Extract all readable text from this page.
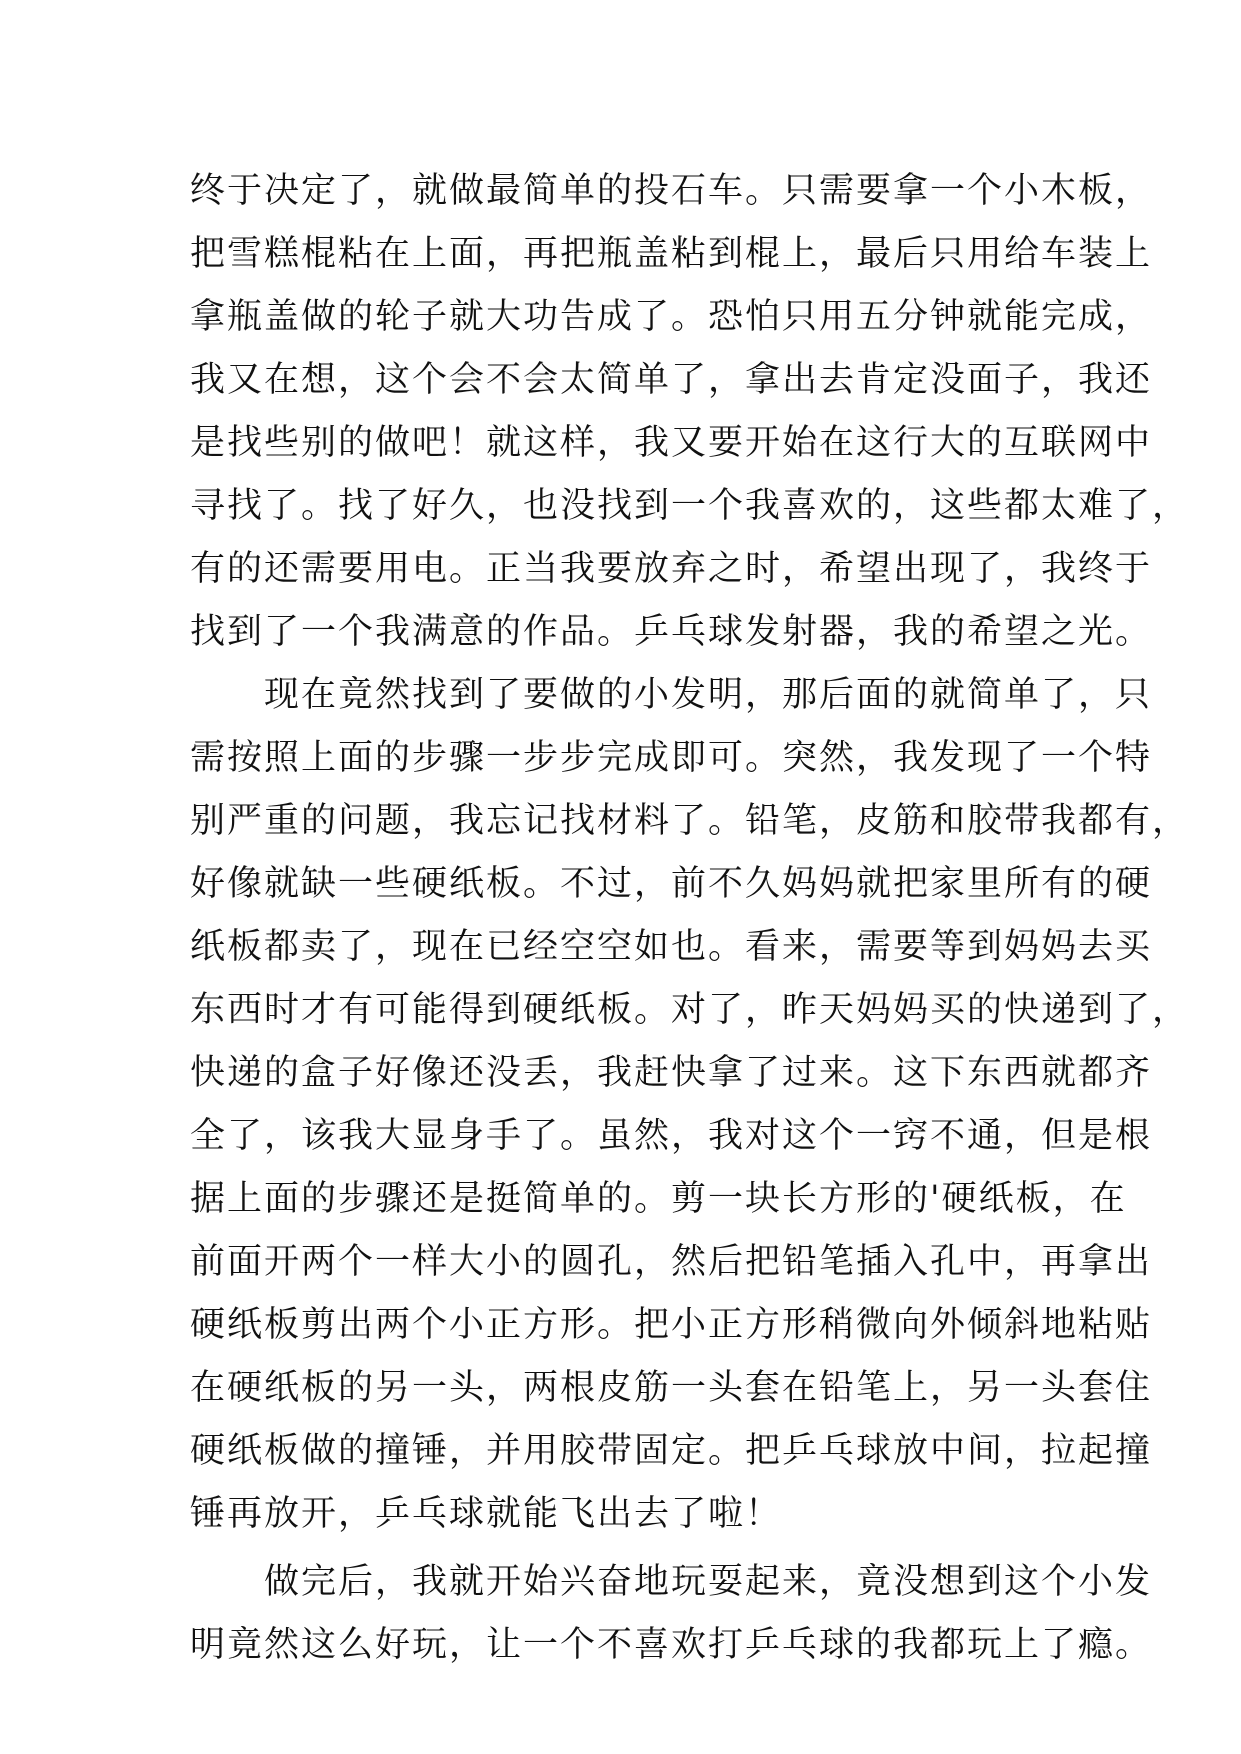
终于决定了，就做最简单的投石车。只需要拿一个小木板，
把雪糕棍粘在上面，再把瓶盖粘到棍上，最后只用给车装上
拿瓶盖做的轮子就大功告成了。恐怕只用五分钟就能完成，
我又在想，这个会不会太简单了，拿出去肯定没面子，我还
是找些别的做吧！就这样，我又要开始在这行大的互联网中
寻找了。找了好久，也没找到一个我喜欢的，这些都太难了，
有的还需要用电。正当我要放弃之时，希望出现了，我终于
找到了一个我满意的作品。乒乓球发射器，我的希望之光。
　　现在竟然找到了要做的小发明，那后面的就简单了，只
需按照上面的步骤一步步完成即可。突然，我发现了一个特
别严重的问题，我忘记找材料了。铅笔，皮筋和胶带我都有，
好像就缺一些硬纸板。不过，前不久妈妈就把家里所有的硬
纸板都卖了，现在已经空空如也。看来，需要等到妈妈去买
东西时才有可能得到硬纸板。对了，昨天妈妈买的快递到了，
快递的盒子好像还没丢，我赶快拿了过来。这下东西就都齐
全了，该我大显身手了。虽然，我对这个一窍不通，但是根
据上面的步骤还是挺简单的。剪一块长方形的'硬纸板，在
前面开两个一样大小的圆孔，然后把铅笔插入孔中，再拿出
硬纸板剪出两个小正方形。把小正方形稍微向外倾斜地粘贴
在硬纸板的另一头，两根皮筋一头套在铅笔上，另一头套住
硬纸板做的撞锤，并用胶带固定。把乒乓球放中间，拉起撞
锤再放开，乒乓球就能飞出去了啦！
　　做完后，我就开始兴奋地玩耍起来，竟没想到这个小发
明竟然这么好玩，让一个不喜欢打乒乓球的我都玩上了瘾。
